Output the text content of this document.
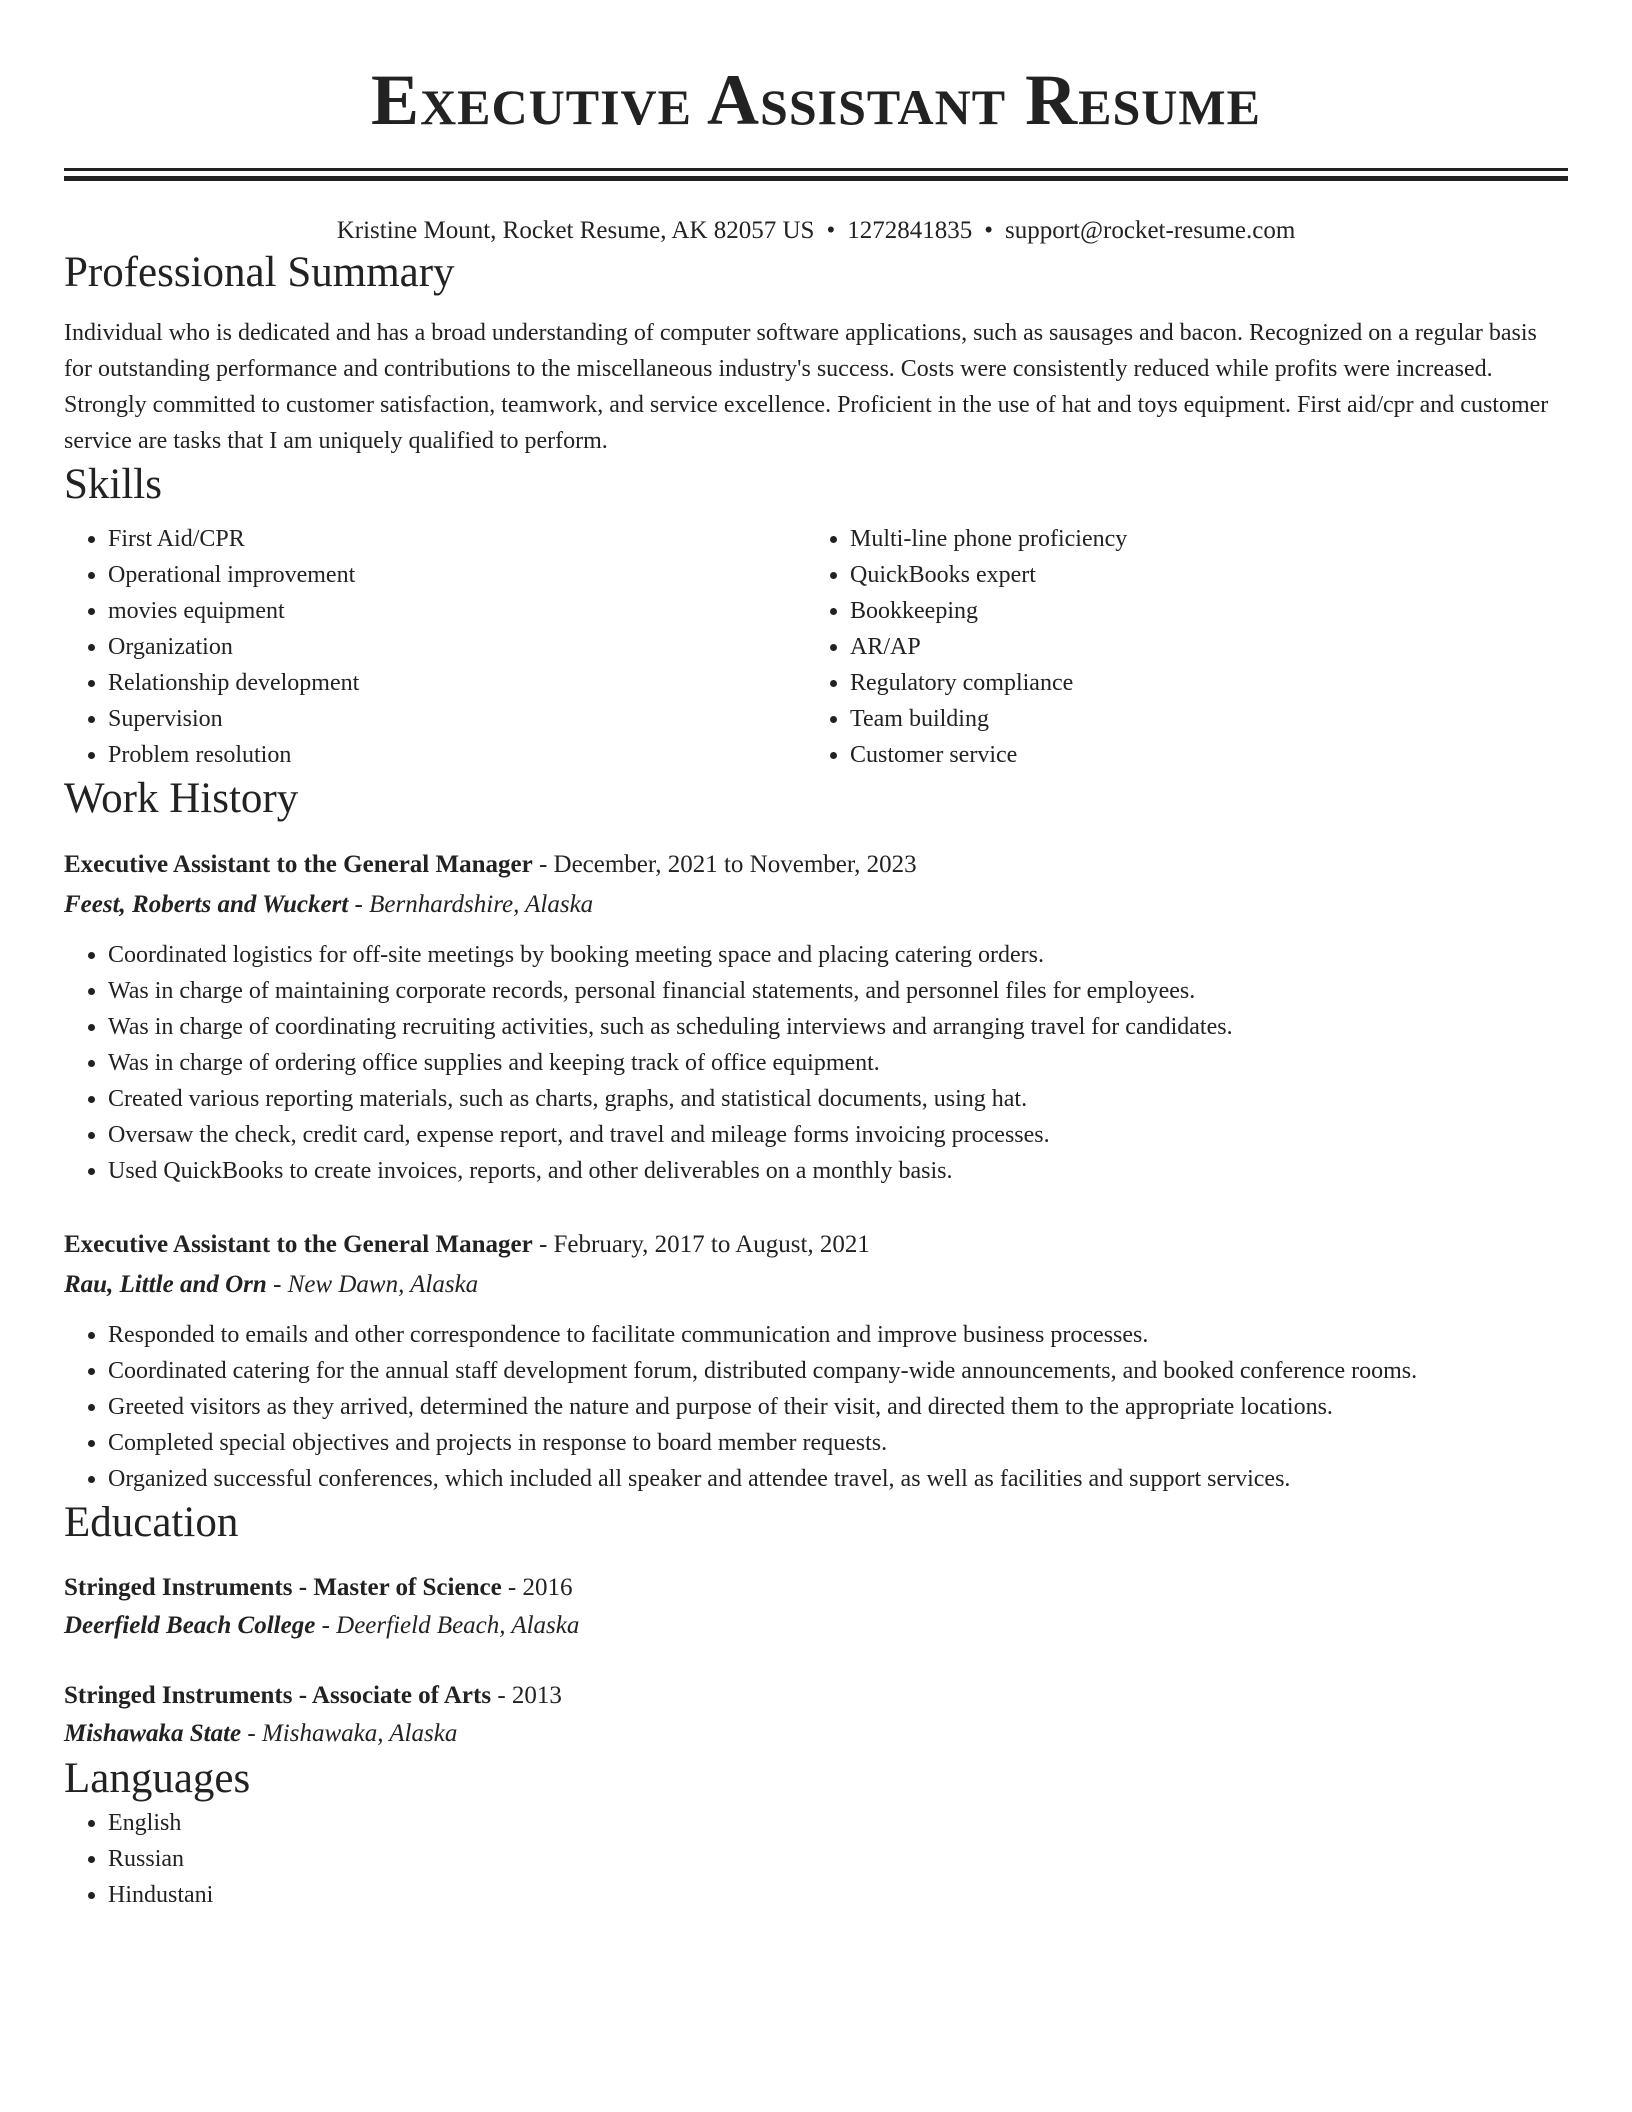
Executive Assistant Resume
Kristine Mount, Rocket Resume, AK 82057 US • 1272841835 • support@rocket-resume.com
Professional Summary

Individual who is dedicated and has a broad understanding of computer software applications, such as sausages and bacon. Recognized on a regular basis for outstanding performance and contributions to the miscellaneous industry's success. Costs were consistently reduced while profits were increased. Strongly committed to customer satisfaction, teamwork, and service excellence. Proficient in the use of hat and toys equipment. First aid/cpr and customer service are tasks that I am uniquely qualified to perform.

Skills
• First Aid/CPR
• Operational improvement
• movies equipment
• Organization
• Relationship development
• Supervision
• Problem resolution
• Multi-line phone proficiency
• QuickBooks expert
• Bookkeeping
• AR/AP
• Regulatory compliance
• Team building
• Customer service
Work History
Executive Assistant to the General Manager - December, 2021 to November, 2023
Feest, Roberts and Wuckert - Bernhardshire, Alaska
• Coordinated logistics for off-site meetings by booking meeting space and placing catering orders.
• Was in charge of maintaining corporate records, personal financial statements, and personnel files for employees.
• Was in charge of coordinating recruiting activities, such as scheduling interviews and arranging travel for candidates.
• Was in charge of ordering office supplies and keeping track of office equipment.
• Created various reporting materials, such as charts, graphs, and statistical documents, using hat.
• Oversaw the check, credit card, expense report, and travel and mileage forms invoicing processes.
• Used QuickBooks to create invoices, reports, and other deliverables on a monthly basis.
Executive Assistant to the General Manager - February, 2017 to August, 2021
Rau, Little and Orn - New Dawn, Alaska
• Responded to emails and other correspondence to facilitate communication and improve business processes.
• Coordinated catering for the annual staff development forum, distributed company-wide announcements, and booked conference rooms.
• Greeted visitors as they arrived, determined the nature and purpose of their visit, and directed them to the appropriate locations.
• Completed special objectives and projects in response to board member requests.
• Organized successful conferences, which included all speaker and attendee travel, as well as facilities and support services.
Education
Stringed Instruments - Master of Science - 2016
Deerfield Beach College - Deerfield Beach, Alaska
Stringed Instruments - Associate of Arts - 2013
Mishawaka State - Mishawaka, Alaska
Languages
• English
• Russian
• Hindustani
